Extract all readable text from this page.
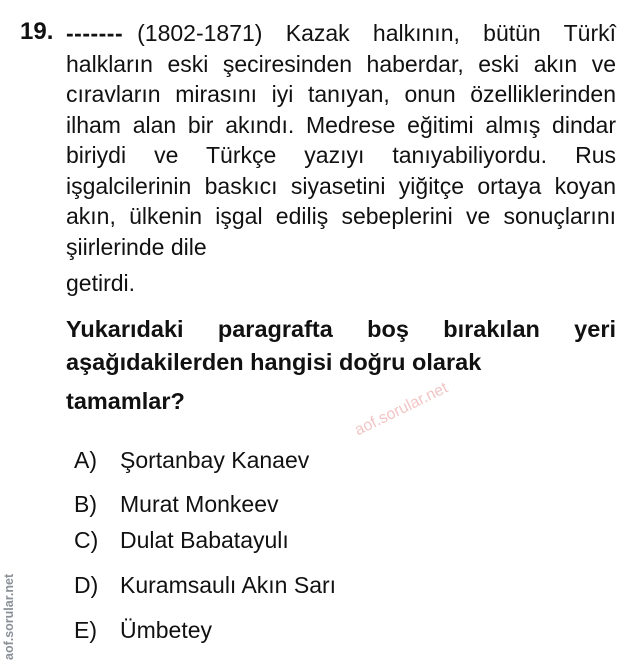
19. ------- (1802-1871) Kazak halkının, bütün Türkî halkların eski şeciresinden haberdar, eski akın ve cıravların mirasını iyi tanıyan, onun özelliklerinden ilham alan bir akındı. Medrese eğitimi almış dindar biriydi ve Türkçe yazıyı tanıyabiliyordu. Rus işgalcilerinin baskıcı siyasetini yiğitçe ortaya koyan akın, ülkenin işgal ediliş sebeplerini ve sonuçlarını şiirlerinde dile
getirdi.
Yukarıdaki paragrafta boş bırakılan yeri aşağıdakilerden hangisi doğru olarak
tamamlar?
A) Şortanbay Kanaev
B) Murat Monkeev
C) Dulat Babatayulı
D) Kuramsaulı Akın Sarı
E) Ümbetey
aof.sorular.net
aof.sorular.net
